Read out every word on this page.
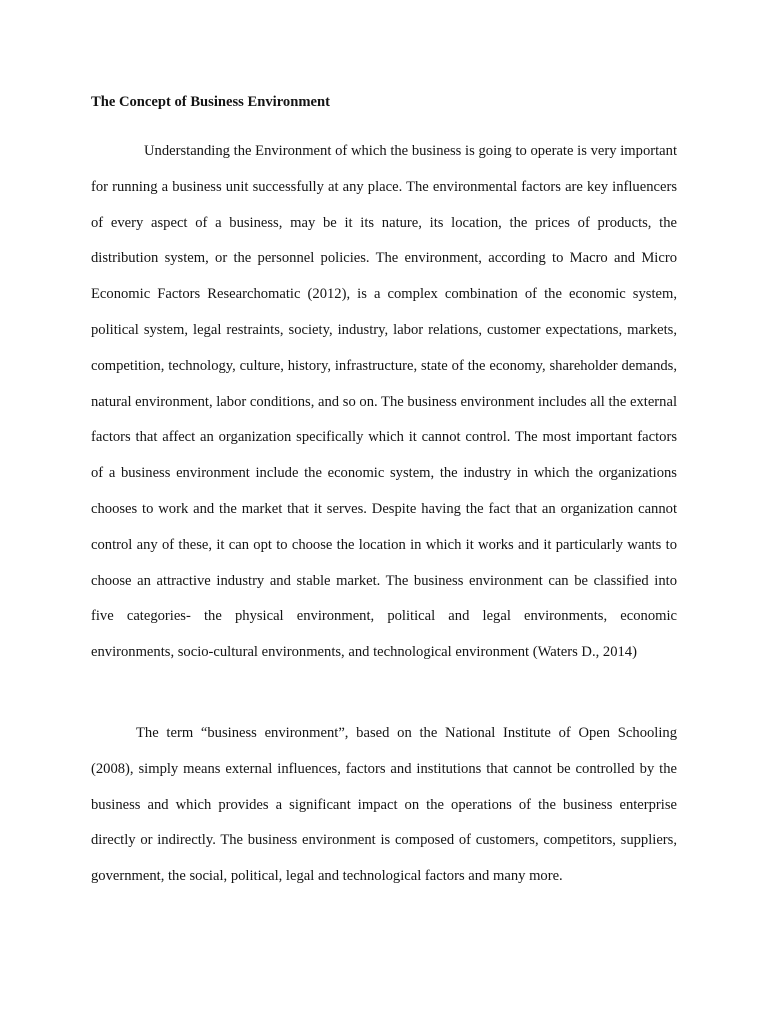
The Concept of Business Environment

Understanding the Environment of which the business is going to operate is very important for running a business unit successfully at any place. The environmental factors are key influencers of every aspect of a business, may be it its nature, its location, the prices of products, the distribution system, or the personnel policies. The environment, according to Macro and Micro Economic Factors Researchomatic (2012), is a complex combination of the economic system, political system, legal restraints, society, industry, labor relations, customer expectations, markets, competition, technology, culture, history, infrastructure, state of the economy, shareholder demands, natural environment, labor conditions, and so on. The business environment includes all the external factors that affect an organization specifically which it cannot control. The most important factors of a business environment include the economic system, the industry in which the organizations chooses to work and the market that it serves. Despite having the fact that an organization cannot control any of these, it can opt to choose the location in which it works and it particularly wants to choose an attractive industry and stable market. The business environment can be classified into five categories- the physical environment, political and legal environments, economic environments, socio-cultural environments, and technological environment (Waters D., 2014)

The term “business environment”, based on the National Institute of Open Schooling (2008), simply means external influences, factors and institutions that cannot be controlled by the business and which provides a significant impact on the operations of the business enterprise directly or indirectly. The business environment is composed of customers, competitors, suppliers, government, the social, political, legal and technological factors and many more.
